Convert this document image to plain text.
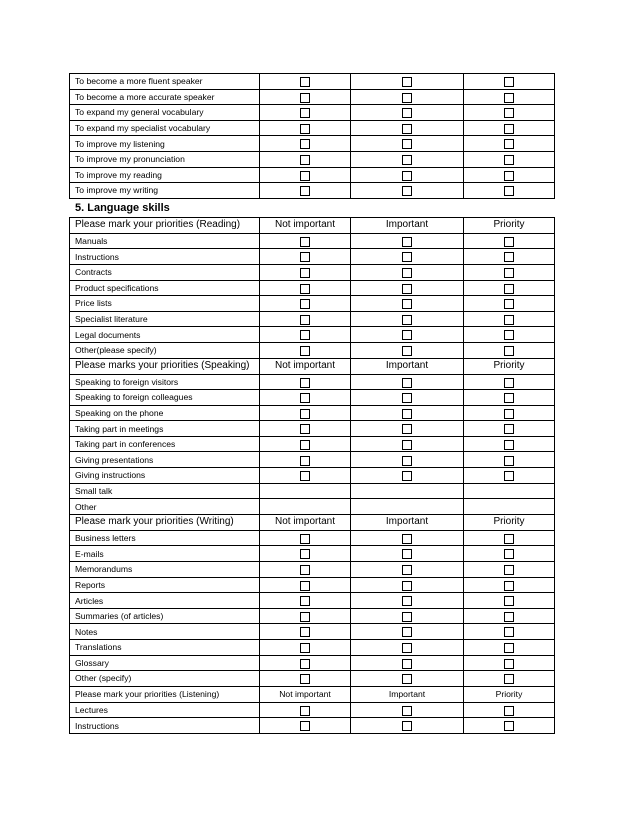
To become a more fluent speaker			
To become a more accurate speaker			
To expand my general vocabulary			
To expand my specialist vocabulary			
To improve my listening			
To improve my pronunciation			
To improve my reading			
To improve my writing			
5. Language skills
Please mark your priorities (Reading)	Not important	Important	Priority
Manuals			
Instructions			
Contracts			
Product specifications			
Price lists			
Specialist literature			
Legal documents			
Other(please specify)			
Please marks your priorities (Speaking)	Not important	Important	Priority
Speaking to foreign visitors			
Speaking to foreign colleagues			
Speaking on the phone			
Taking part in meetings			
Taking part in conferences			
Giving presentations			
Giving instructions			
Small talk			
Other			
Please mark your priorities (Writing)	Not important	Important	Priority
Business letters			
E-mails			
Memorandums			
Reports			
Articles			
Summaries (of articles)			
Notes			
Translations			
Glossary			
Other (specify)			
Please mark your priorities (Listening)	Not important	Important	Priority
Lectures			
Instructions			
